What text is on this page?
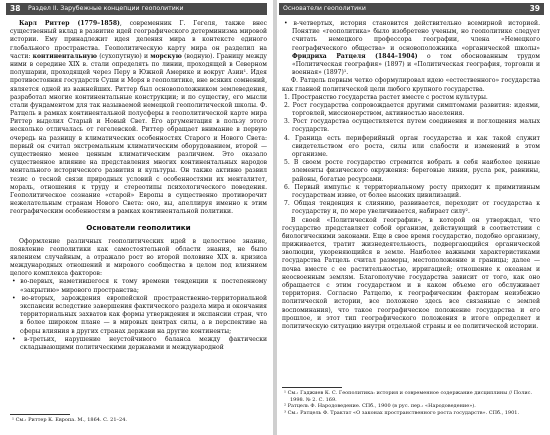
38	Раздел II. Зарубежные концепции геополитики

Карл Риттер (1779–1858), современник Г. Гегеля, также внес существенный вклад в развитие идей географического детерминизма мировой истории. Ему принадлежит идея деления мира в контексте единого глобального пространства. Геополитическую карту мира он разделил на части: континентальную (сухопутную) и морскую (водную). Границу между ними в середине XIX в. стали определять по линии, проходящей в Северном полушарии, проходящей через Перу в Южной Америке и вокруг Азии¹. Идея противостояния государств Суши и Моря в геополитике, вне всяких сомнений, является одной из важнейших. Риттер был основоположником землеведения, разработал многие континентальные конструкции; и по существу, его мысли стали фундаментом для так называемой немецкой геополитической школы. Ф. Ратцель в рамках континентальной полусферы в геополитической карте мира Риттер выделил Старый и Новый Свет. Его аргументация в пользу этого несколько отличалась от гегелевской. Риттер обращает внимание в первую очередь на разницу в климатических особенностях Старого и Нового Света: первый он считал экстремальным климатическим оборудованием, второй — существенно менее ценным климатическим различием. Это оказало существенное влияние на представления многих континентальных народов ментального исторического развития и культуры. Он также активно развил тезис о тесной связи природных условий с особенностями их менталитет, мораль, отношения к труду и стереотипы психологического поведения. Геополитическое сознание «старой» Европы в существенно противоречит нежелательным странам Нового Света: оно, вы, апеллируя именно к этим географическим особенностям в рамках континентальной политики.

Основатели геополитики

Оформление различных геополитических идей в целостное знание, появление геополитики как самостоятельной области знания, не было явлением случайным, а отражало рост во второй половине XIX в. кризиса международных отношений и мирового сообщества в целом под влиянием целого комплекса факторов:

• во-первых, наметившегося к тому времени тенденции к постепенному «закрытию» мирового пространства;

• во-вторых, зарождения европейской пространственно-территориальной экспансии вследствие завершения фактического раздела мира и окончания территориальных захватов как формы утверждения и экспансии стран, что в более широком плане — в мировых центрах силы, а в перспективе на сферы влияния в других странах держави на другие континенты;

• в-третьих, нарушение неустойчивого баланса между фактически складывающими политическими державами и международной

¹ См.: Риттер К. Европа. М., 1864. С. 21–24.

Основатели геополитики	39

• в-четвертых, история становится действительно всемирной историей. Понятие «геополитика» было изобретено ученым, но геополитике следует считать немецкого профессора географии, члена «Немецкого географического общества» и основоположника «органической школы» Фридриха Ратцеля (1844–1904) о том обоснованным трудом «Политическая география» (1897) и «Политическая география, торговли и военная» (1897)¹.

Ф. Ратцель первым четко сформулировал идею «естественного» государства как главной политической цели любого крупного государства.

1. Пространство государства растет вместе с ростом культуры.

2. Рост государства сопровождается другими симптомами развития: идеями, торговлей, миссионерством, активностью населения.

3. Рост государства осуществляется путем соединения и поглощения малых государств.

4. Граница есть периферийный орган государства и как такой служит свидетельством его роста, силы или слабости и изменений в этом организме.

5. В своем росте государство стремится вобрать в себя наиболее ценные элементы физического окружения: береговые линии, русла рек, равнины, районы, богатые ресурсами.

6. Первый импульс к территориальному росту приходит к примитивным государствам извне, от более высоких цивилизаций.

7. Общая тенденция к слиянию, развивается, переходит от государства к государству и, по мере увеличивается, набирает силу².

В своей «Политической географии», в которой он утверждал, что государство представляет собой организм, действующий в соответствии с биологическими законами. Еще в свое время государство, подобно организму, приживается, тратит жизнедеятельность, подвергающийся органической эволюции, укореняющийся в земле. Наиболее важными характеристиками государства Ратцель считал размеры, местоположение и границы; далее — почва вместе с ее растительностью, ирригацией; отношение к океанам и неосвоенным землям. Благополучие государства зависит от того, как оно обращается с этим государством и в каком объеме его обслуживает территория. Согласно Ратцелю, к географическим факторам неизбежно политической истории, все положено здесь все связанные с землей воспоминания), что такое географическое положение государства и его прошлое, и этот тип географического положения в итоге определяет и политическую ситуацию внутри отдельной страны и ее политической истории.

¹ См.: Гаджиев К. С. Геополитика: история и современное содержание дисциплины // Полис. 1998. № 2. С. 169.

² Ратцель Ф. Народоведение. СПб., 1900 (в рус. пер.: «Народоведение»).

³ См.: Ратцель Ф. Трактат «О законах пространственного роста государств». СПб., 1901.
